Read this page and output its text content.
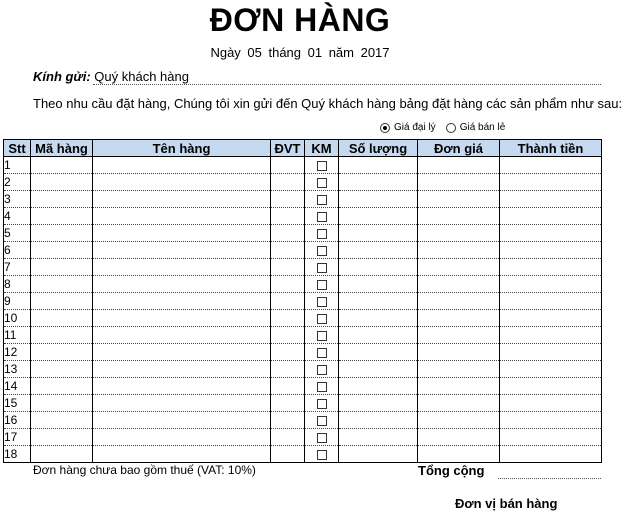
ĐƠN HÀNG
Ngày 05 tháng 01 năm 2017
Kính gửi: Quý khách hàng
Theo nhu cầu đặt hàng, Chúng tôi xin gửi đến Quý khách hàng bảng đặt hàng các sản phẩm như sau:
Giá đại lý Giá bán lẻ
Stt	Mã hàng	Tên hàng	ĐVT	KM	Số lượng	Đơn giá	Thành tiền
1							
2							
3							
4							
5							
6							
7							
8							
9							
10							
11							
12							
13							
14							
15							
16							
17							
18							
Đơn hàng chưa bao gồm thuế (VAT: 10%)	Tổng cộng
Đơn vị bán hàng
